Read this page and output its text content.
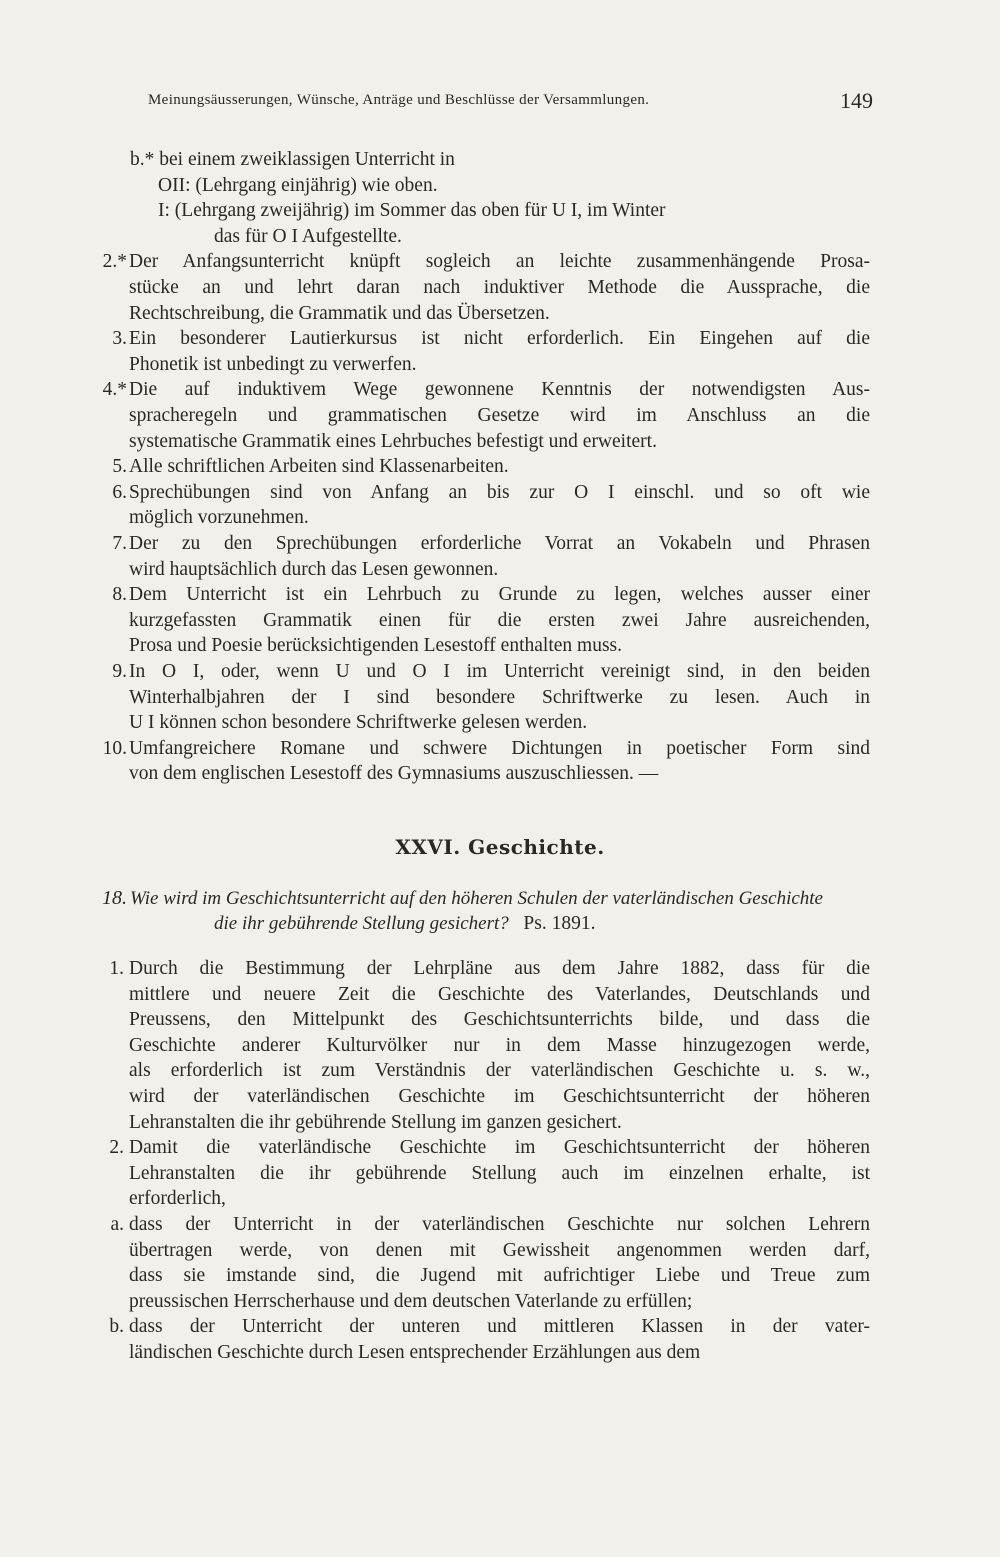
Meinungsäusserungen, Wünsche, Anträge und Beschlüsse der Versammlungen.	149
b.* bei einem zweiklassigen Unterricht in
OII: (Lehrgang einjährig) wie oben.
I: (Lehrgang zweijährig) im Sommer das oben für U I, im Winter
das für O I Aufgestellte.
2.* Der Anfangsunterricht knüpft sogleich an leichte zusammenhängende Prosa-
stücke an und lehrt daran nach induktiver Methode die Aussprache, die
Rechtschreibung, die Grammatik und das Übersetzen.
3. Ein besonderer Lautierkursus ist nicht erforderlich. Ein Eingehen auf die
Phonetik ist unbedingt zu verwerfen.
4.* Die auf induktivem Wege gewonnene Kenntnis der notwendigsten Aus-
spracheregeln und grammatischen Gesetze wird im Anschluss an die
systematische Grammatik eines Lehrbuches befestigt und erweitert.
5. Alle schriftlichen Arbeiten sind Klassenarbeiten.
6. Sprechübungen sind von Anfang an bis zur O I einschl. und so oft wie
möglich vorzunehmen.
7. Der zu den Sprechübungen erforderliche Vorrat an Vokabeln und Phrasen
wird hauptsächlich durch das Lesen gewonnen.
8. Dem Unterricht ist ein Lehrbuch zu Grunde zu legen, welches ausser einer
kurzgefassten Grammatik einen für die ersten zwei Jahre ausreichenden,
Prosa und Poesie berücksichtigenden Lesestoff enthalten muss.
9. In O I, oder, wenn U und O I im Unterricht vereinigt sind, in den beiden
Winterhalbjahren der I sind besondere Schriftwerke zu lesen. Auch in
U I können schon besondere Schriftwerke gelesen werden.
10. Umfangreichere Romane und schwere Dichtungen in poetischer Form sind
von dem englischen Lesestoff des Gymnasiums auszuschliessen. —
XXVI. Geschichte.
18. Wie wird im Geschichtsunterricht auf den höheren Schulen der vaterländischen Geschichte
die ihr gebührende Stellung gesichert? Ps. 1891.
1. Durch die Bestimmung der Lehrpläne aus dem Jahre 1882, dass für die
mittlere und neuere Zeit die Geschichte des Vaterlandes, Deutschlands und
Preussens, den Mittelpunkt des Geschichtsunterrichts bilde, und dass die
Geschichte anderer Kulturvölker nur in dem Masse hinzugezogen werde,
als erforderlich ist zum Verständnis der vaterländischen Geschichte u. s. w.,
wird der vaterländischen Geschichte im Geschichtsunterricht der höheren
Lehranstalten die ihr gebührende Stellung im ganzen gesichert.
2. Damit die vaterländische Geschichte im Geschichtsunterricht der höheren
Lehranstalten die ihr gebührende Stellung auch im einzelnen erhalte, ist
erforderlich,
a. dass der Unterricht in der vaterländischen Geschichte nur solchen Lehrern
übertragen werde, von denen mit Gewissheit angenommen werden darf,
dass sie imstande sind, die Jugend mit aufrichtiger Liebe und Treue zum
preussischen Herrscherhause und dem deutschen Vaterlande zu erfüllen;
b. dass der Unterricht der unteren und mittleren Klassen in der vater-
ländischen Geschichte durch Lesen entsprechender Erzählungen aus dem
